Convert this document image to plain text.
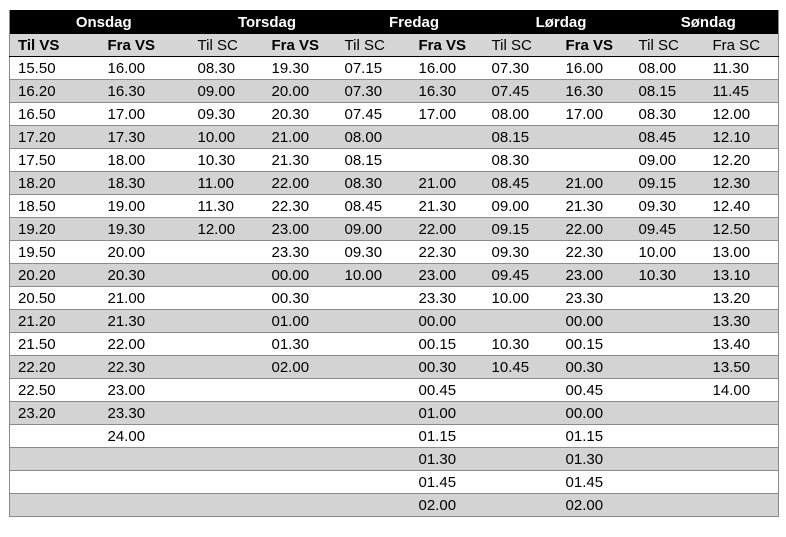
Onsdag		Torsdag		Fredag		Lørdag		Søndag	
Til VS	Fra VS	Til SC	Fra VS	Til SC	Fra VS	Til SC	Fra VS	Til SC	Fra SC
15.50	16.00	08.30	19.30	07.15	16.00	07.30	16.00	08.00	11.30
16.20	16.30	09.00	20.00	07.30	16.30	07.45	16.30	08.15	11.45
16.50	17.00	09.30	20.30	07.45	17.00	08.00	17.00	08.30	12.00
17.20	17.30	10.00	21.00	08.00		08.15		08.45	12.10
17.50	18.00	10.30	21.30	08.15		08.30		09.00	12.20
18.20	18.30	11.00	22.00	08.30	21.00	08.45	21.00	09.15	12.30
18.50	19.00	11.30	22.30	08.45	21.30	09.00	21.30	09.30	12.40
19.20	19.30	12.00	23.00	09.00	22.00	09.15	22.00	09.45	12.50
19.50	20.00		23.30	09.30	22.30	09.30	22.30	10.00	13.00
20.20	20.30		00.00	10.00	23.00	09.45	23.00	10.30	13.10
20.50	21.00		00.30		23.30	10.00	23.30		13.20
21.20	21.30		01.00		00.00		00.00		13.30
21.50	22.00		01.30		00.15	10.30	00.15		13.40
22.20	22.30		02.00		00.30	10.45	00.30		13.50
22.50	23.00				00.45		00.45		14.00
23.20	23.30				01.00		00.00		
	24.00				01.15		01.15		
					01.30		01.30		
					01.45		01.45		
					02.00		02.00		
